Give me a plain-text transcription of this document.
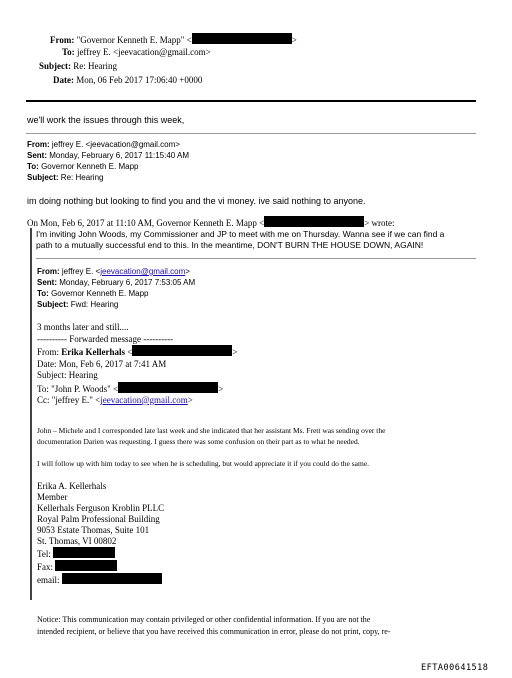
From: "Governor Kenneth E. Mapp" <	>
To: jeffrey E. <jeevacation@gmail.com>
Subject: Re: Hearing
Date: Mon, 06 Feb 2017 17:06:40 +0000
we'll work the issues through this week,
From: jeffrey E. <jeevacation@gmail.com>
Sent: Monday, February 6, 2017 11:15:40 AM
To: Governor Kenneth E. Mapp
Subject: Re: Hearing
im doing nothing but looking to find you and the vi money. ive said nothing to anyone.
On Mon, Feb 6, 2017 at 11:10 AM, Governor Kenneth E. Mapp <	> wrote:
I'm inviting John Woods, my Commissioner and JP to meet with me on Thursday. Wanna see if we can find a
path to a mutually successful end to this. In the meantime, DON'T BURN THE HOUSE DOWN, AGAIN!
From: jeffrey E. <jeevacation@gmail.com>
Sent: Monday, February 6, 2017 7:53:05 AM
To: Governor Kenneth E. Mapp
Subject: Fwd: Hearing
3 months later and still....
---------- Forwarded message ----------
From: Erika Kellerhals <	>
Date: Mon, Feb 6, 2017 at 7:41 AM
Subject: Hearing
To: "John P. Woods" <	>
Cc: "jeffrey E." <jeevacation@gmail.com>
John – Michele and I corresponded late last week and she indicated that her assistant Ms. Frett was sending over the
documentation Darien was requesting. I guess there was some confusion on their part as to what he needed.
I will follow up with him today to see when he is scheduling, but would appreciate it if you could do the same.
Erika A. Kellerhals
Member
Kellerhals Ferguson Kroblin PLLC
Royal Palm Professional Building
9053 Estate Thomas, Suite 101
St. Thomas, VI 00802
Tel:
Fax:
email:
Notice: This communication may contain privileged or other confidential information. If you are not the
intended recipient, or believe that you have received this communication in error, please do not print, copy, re-
EFTA00641518
